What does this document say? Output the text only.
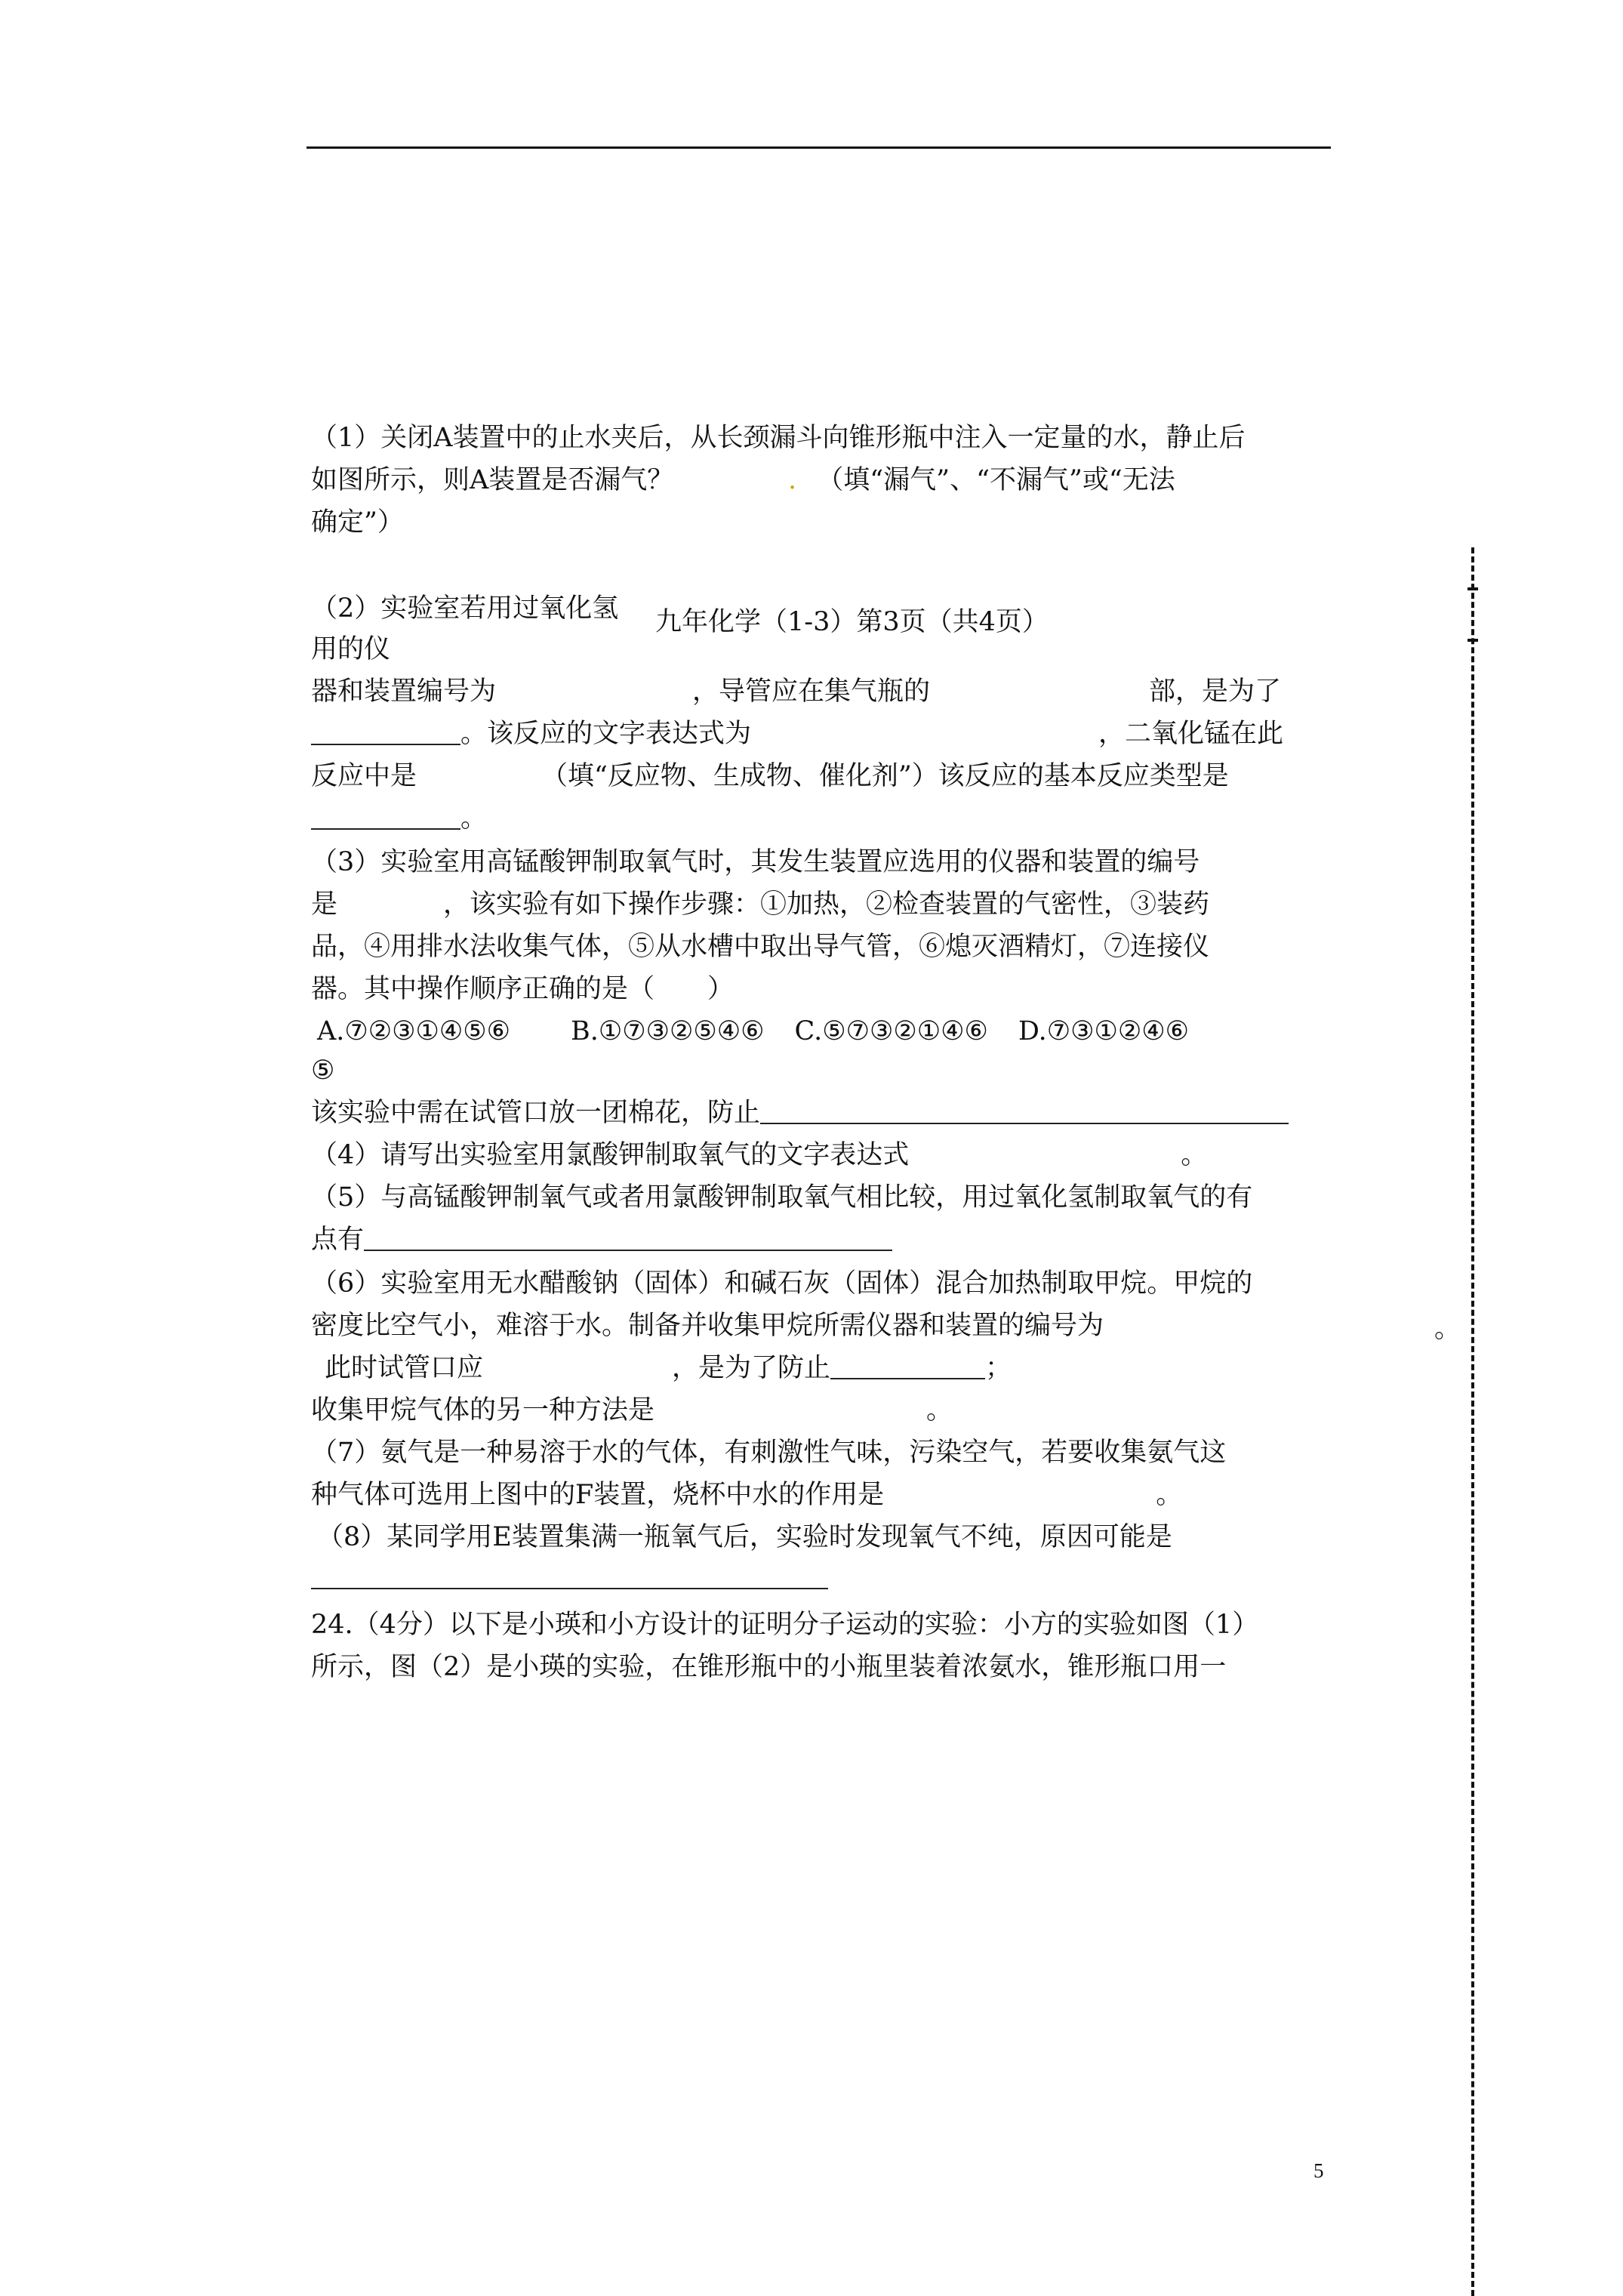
（1）关闭A装置中的止水夹后，从长颈漏斗向锥形瓶中注入一定量的水，静止后
如图所示，则A装置是否漏气？	（填“漏气”、“不漏气”或“无法
.
确定”）
（2）实验室若用过氧化氢	九年化学（1-3）第3页（共4页）
用的仪
器和装置编号为	，导管应在集气瓶的	部，是为了
。该反应的文字表达式为	，二氧化锰在此
反应中是	（填“反应物、生成物、催化剂”）该反应的基本反应类型是
。
（3）实验室用高锰酸钾制取氧气时，其发生装置应选用的仪器和装置的编号
是	，该实验有如下操作步骤：①加热，②检查装置的气密性，③装药
品，④用排水法收集气体，⑤从水槽中取出导气管，⑥熄灭酒精灯，⑦连接仪
器。其中操作顺序正确的是（　　）
A.⑦②③①④⑤⑥ B.①⑦③②⑤④⑥ C.⑤⑦③②①④⑥ D.⑦③①②④⑥
⑤
该实验中需在试管口放一团棉花，防止
（4）请写出实验室用氯酸钾制取氧气的文字表达式	。
（5）与高锰酸钾制氧气或者用氯酸钾制取氧气相比较，用过氧化氢制取氧气的有
点有
（6）实验室用无水醋酸钠（固体）和碱石灰（固体）混合加热制取甲烷。甲烷的
密度比空气小，难溶于水。制备并收集甲烷所需仪器和装置的编号为	。
此时试管口应	，是为了防止	；
收集甲烷气体的另一种方法是	。
（7）氨气是一种易溶于水的气体，有刺激性气味，污染空气，若要收集氨气这
种气体可选用上图中的F装置，烧杯中水的作用是	。
（8）某同学用E装置集满一瓶氧气后，实验时发现氧气不纯，原因可能是
24.（4分）以下是小瑛和小方设计的证明分子运动的实验：小方的实验如图（1）
所示，图（2）是小瑛的实验，在锥形瓶中的小瓶里装着浓氨水，锥形瓶口用一
5
